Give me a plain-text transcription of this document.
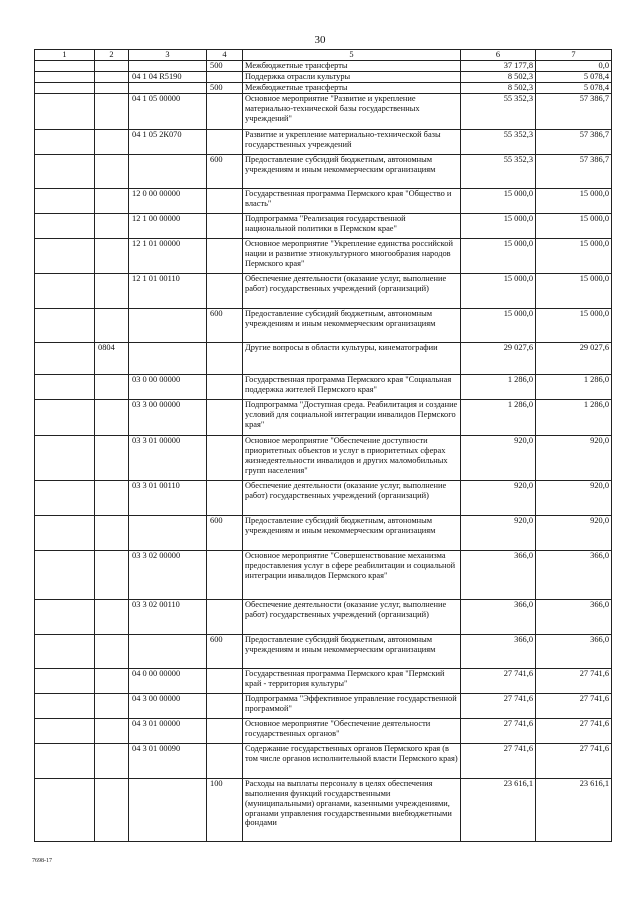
30
1	2	3	4	5	6	7
			500	Межбюджетные трансферты	37 177,8	0,0
		04 1 04 R5190		Поддержка отрасли культуры	8 502,3	5 078,4
			500	Межбюджетные трансферты	8 502,3	5 078,4
		04 1 05 00000		Основное мероприятие "Развитие и укрепление материально-технической базы государственных учреждений"	55 352,3	57 386,7
		04 1 05 2К070		Развитие и укрепление материально-технической базы государственных учреждений	55 352,3	57 386,7
			600	Предоставление субсидий бюджетным, автономным учреждениям и иным некоммерческим организациям	55 352,3	57 386,7
		12 0 00 00000		Государственная программа Пермского края "Общество и власть"	15 000,0	15 000,0
		12 1 00 00000		Подпрограмма "Реализация государственной национальной политики в Пермском крае"	15 000,0	15 000,0
		12 1 01 00000		Основное мероприятие "Укрепление единства российской нации и развитие этнокультурного многообразия народов Пермского края"	15 000,0	15 000,0
		12 1 01 00110		Обеспечение деятельности (оказание услуг, выполнение работ) государственных учреждений (организаций)	15 000,0	15 000,0
			600	Предоставление субсидий бюджетным, автономным учреждениям и иным некоммерческим организациям	15 000,0	15 000,0
	0804			Другие вопросы в области культуры, кинематографии	29 027,6	29 027,6
		03 0 00 00000		Государственная программа Пермского края "Социальная поддержка жителей Пермского края"	1 286,0	1 286,0
		03 3 00 00000		Подпрограмма "Доступная среда. Реабилитация и создание условий для социальной интеграции инвалидов Пермского края"	1 286,0	1 286,0
		03 3 01 00000		Основное мероприятие "Обеспечение доступности приоритетных объектов и услуг в приоритетных сферах жизнедеятельности инвалидов и других маломобильных групп населения"	920,0	920,0
		03 3 01 00110		Обеспечение деятельности (оказание услуг, выполнение работ) государственных учреждений (организаций)	920,0	920,0
			600	Предоставление субсидий бюджетным, автономным учреждениям и иным некоммерческим организациям	920,0	920,0
		03 3 02 00000		Основное мероприятие "Совершенствование механизма предоставления услуг в сфере реабилитации и социальной интеграции инвалидов Пермского края"	366,0	366,0
		03 3 02 00110		Обеспечение деятельности (оказание услуг, выполнение работ) государственных учреждений (организаций)	366,0	366,0
			600	Предоставление субсидий бюджетным, автономным учреждениям и иным некоммерческим организациям	366,0	366,0
		04 0 00 00000		Государственная программа Пермского края "Пермский край - территория культуры"	27 741,6	27 741,6
		04 3 00 00000		Подпрограмма "Эффективное управление государственной программой"	27 741,6	27 741,6
		04 3 01 00000		Основное мероприятие "Обеспечение деятельности государственных органов"	27 741,6	27 741,6
		04 3 01 00090		Содержание государственных органов Пермского края (в том числе органов исполнительной власти Пермского края)	27 741,6	27 741,6
			100	Расходы на выплаты персоналу в целях обеспечения выполнения функций государственными (муниципальными) органами, казенными учреждениями, органами управления государственными внебюджетными фондами	23 616,1	23 616,1
7698-17
